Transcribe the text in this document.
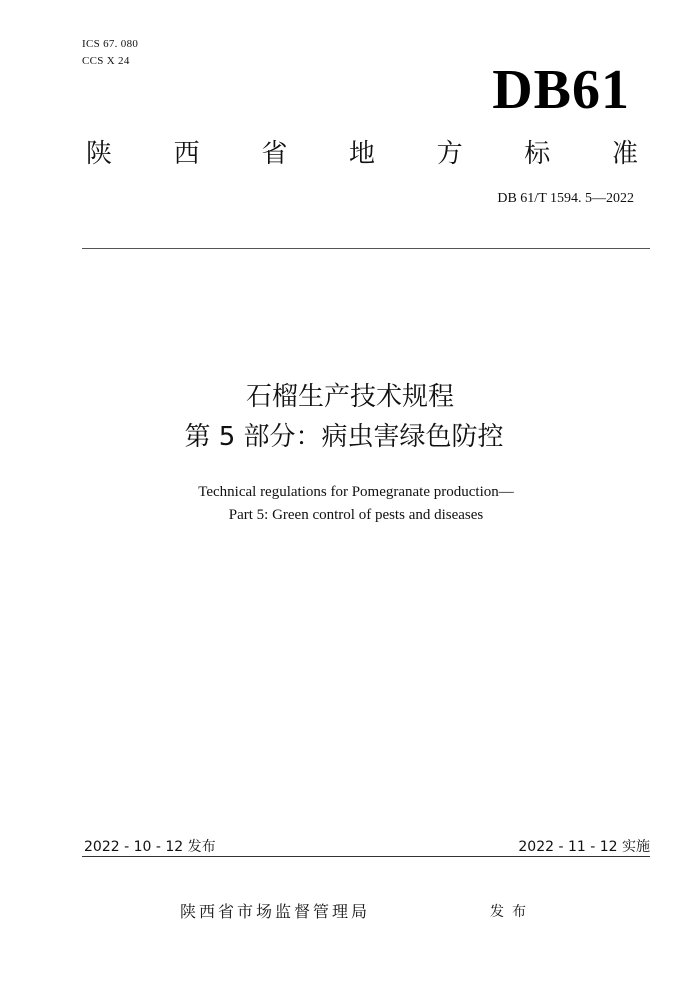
ICS 67. 080
CCS X 24	DB61
陕 西 省 地 方 标 准
DB 61/T 1594. 5—2022
石榴生产技术规程
第 5 部分：病虫害绿色防控
Technical regulations for Pomegranate production—
Part 5: Green control of pests and diseases
2022 - 10 - 12 发布	2022 - 11 - 12 实施
陕西省市场监督管理局	发布
